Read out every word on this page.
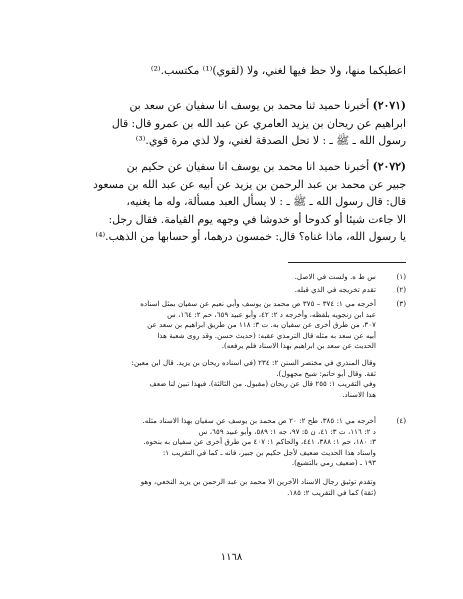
اعطيكما منها، ولا حظ فيها لغني، ولا (لقوي)⁽¹⁾ مكتسب.⁽²⁾
(٢٠٧١) أخبرنا حميد ثنا محمد بن يوسف انا سفيان عن سعد بن
ابراهيم عن ريحان بن يزيد العامري عن عبد الله بن عمرو قال: قال
رسول الله ـ ﷺ ـ : لا تحل الصدقة لغني، ولا لذي مرة قوي.⁽³⁾
(٢٠٧٢) أخبرنا حميد انا محمد بن يوسف انا سفيان عن حكيم بن
جبير عن محمد بن عبد الرحمن بن يزيد عن أبيه عن عبد الله بن مسعود
قال: قال رسول الله ـ ﷺ ـ : لا يسأل العبد مسألة، وله ما يغنيه،
الا جاءت شيئا أو كدوحا أو خدوشا في وجهه يوم القيامة. فقال رجل:
يا رسول الله، ماذا غناه؟ قال: خمسون درهما، أو حسابها من الذهب.⁽⁴⁾
(١)
س ط ه. ولست في الاصل.
(٢)
تقدم تخريجه في الذي قبله.
(٣)
أخرجه مي ١: ٣٧٤ – ٣٧٥ ص محمد بن يوسف وأبي نعيم عن سفيان بمثل اسناده
عبد ابن زنجويه بلفظه، وأخرجه د ٢: ٤٢، وأبو عبيد ٦٥٩، حم ٢: ١٦٤، س
٣٠٧، من طرق أخرى عن سفيان به. ت ٣: ١١٨ من طريق ابراهيم بن سعد عن
أبيه عن سعد به مثله قال الترمذي عقبه: (حديث حسن. وقد روى شعبة هذا
الحديث عن سعد بن ابراهيم بهذا الاسناد فلم يرفعه).
وقال المنذري في مختصر السنن ٢: ٢٣٤ (في اسناده ريحان بن يزيد. قال ابن معين:
ثقة. وقال أبو حاتم: شيخ مجهول).
وفي التقريب ١: ٢٥٥ قال عن ريحان (مقبول. من الثالثة). فبهذا تبين لنا ضعف
هذا الاسناد.
(٤)
أخرجه مي ١: ٣٨٥، طح ٢: ٢٠ ص محمد بن يوسف عن سفيان بهذا الاسناد مثله.
د ٢: ١١٦، ت ٣: ٤١، ن ٥: ٩٧، جه ١: ٥٨٩، وأبو عبيد ٦٥٩، س
٣: ١٨٠، حم ١: ٣٨٨، ٤٤١، والحاكم ١: ٤٠٧ من طرق أخرى عن سفيان به بنحوه.
واسناد هذا الحديث ضعيف لأجل حكيم بن جبير، فانه ـ كما في التقريب ١:
١٩٣ ـ (ضعيف رمي بالتشيع).
وتقدم توثيق رجال الاسناد الآخرين الا محمد بن عبد الرحمن بن يزيد النخعي، وهو
(ثقة) كما في التقريب ٢: ١٨٥.
١١٦٨
